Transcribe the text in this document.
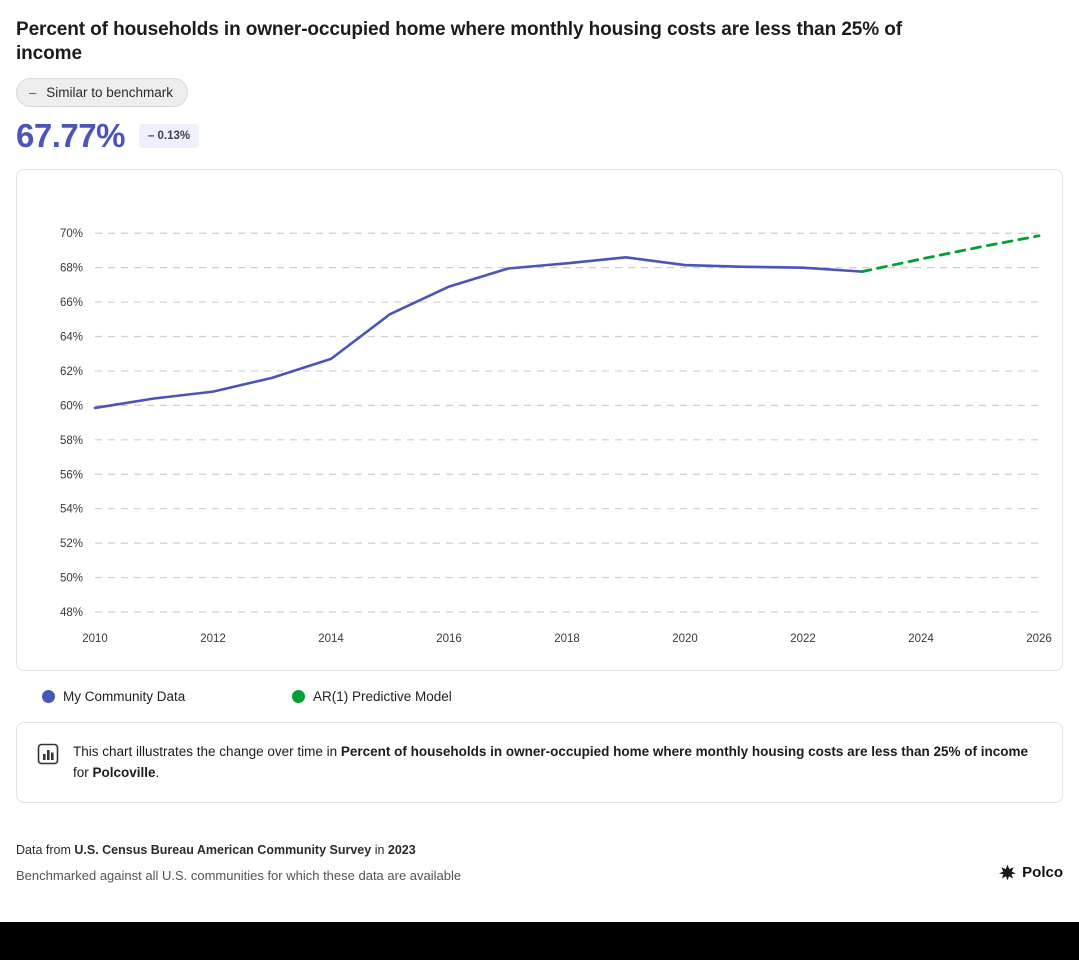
Percent of households in owner-occupied home where monthly housing costs are less than 25% of income
– Similar to benchmark
67.77%	– 0.13%
48%
50%
52%
54%
56%
58%
60%
62%
64%
66%
68%
70%
2010	2012	2014	2016	2018	2020	2022	2024	2026
My Community Data	AR(1) Predictive Model
This chart illustrates the change over time in Percent of households in owner-occupied home where monthly housing costs are less than 25% of income for Polcoville.
Data from U.S. Census Bureau American Community Survey in 2023
Benchmarked against all U.S. communities for which these data are available	Polco
